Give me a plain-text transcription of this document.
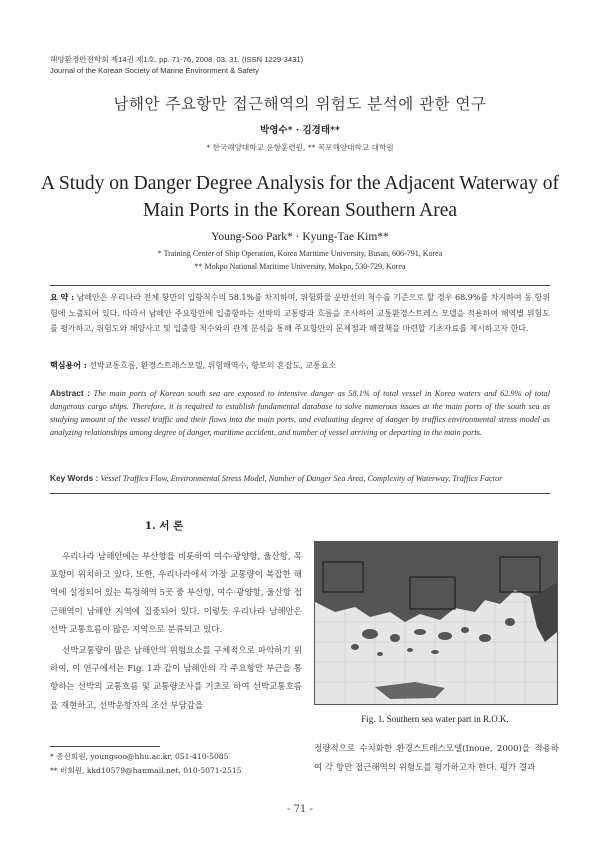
해양환경안전학회 제14권 제1호, pp. 71-76, 2008. 03. 31. (ISSN 1229-3431)
Journal of the Korean Society of Marine Environment & Safety
남해안 주요항만 접근해역의 위험도 분석에 관한 연구
박영수* · 김경태**
* 한국해양대학교 운항훈련원, ** 목포해양대학교 대학원
A Study on Danger Degree Analysis for the Adjacent Waterway of Main Ports in the Korean Southern Area
Young-Soo Park* · Kyung-Tae Kim**
* Training Center of Ship Operation, Korea Maritime University, Busan, 606-791, Korea
** Mokpo National Maritime University, Mokpo, 530-729, Korea
요 약 : 남해안은 우리나라 전체 항만의 입항척수의 58.1%를 차지하며, 위험화물 운반선의 척수를 기준으로 할 경우 68.9%를 차지하여 동 항위험에 노출되어 있다. 따라서 남해안 주요항만에 입출항하는 선박의 교통량과 흐름을 조사하여 교통환경스트레스 모델을 적용하여 해역별 위험도를 평가하고, 위험도와 해양사고 및 입출항 척수와의 관계 분석을 통해 주요항만의 문제점과 해결책을 마련할 기초자료를 제시하고자 한다.
핵심용어 : 선박교통흐름, 환경스트레스모델, 위험해역수, 항로의 혼잡도, 교통요소
Abstract : The main ports of Korean south sea are exposed to intensive danger as 58.1% of total vessel in Korea waters and 62.9% of total dangerous cargo ships. Therefore, it is required to establish fundamental database to solve numerous issues at the main ports of the south sea as studying amount of the vessel traffic and their flows into the main ports, and evaluating degree of danger by traffics environmental stress model as analyzing relationships among degree of danger, maritime accident, and number of vessel arriving or departing in the main ports.
Key Words : Vessel Traffics Flow, Environmental Stress Model, Number of Danger Sea Area, Complexity of Waterway, Traffics Factor
1. 서 론
우리나라 남해안에는 부산항을 비롯하여 여수·광양항, 울산항, 목포항이 위치하고 있다. 또한, 우리나라에서 가장 교통량이 복잡한 해역에 설정되어 있는 특정해역 5곳 중 부산항, 여수·광양항, 울산항 접근해역이 남해안 지역에 집중되어 있다. 이렇듯 우리나라 남해안은 선박 교통흐름이 많은 지역으로 분류되고 있다.
선박교통량이 많은 남해안의 위험요소를 구체적으로 파악하기 위하여, 이 연구에서는 Fig. 1과 같이 남해안의 각 주요항만 부근을 통항하는 선박의 교통흐름 및 교통량조사를 기초로 하여 선박교통흐름을 재현하고, 선박운항자의 조선 부담감을
Fig. 1. Southern sea water part in R.O.K.
* 종신회원, youngsoo@hhu.ac.kr, 051-410-5085
** 비회원, kkd10579@hanmail.net, 010-5071-2515
정량적으로 수치화한 환경스트레스모델(Inoue, 2000)을 적용하여 각 항만 접근해역의 위험도를 평가하고자 한다. 평가 결과
- 71 -
